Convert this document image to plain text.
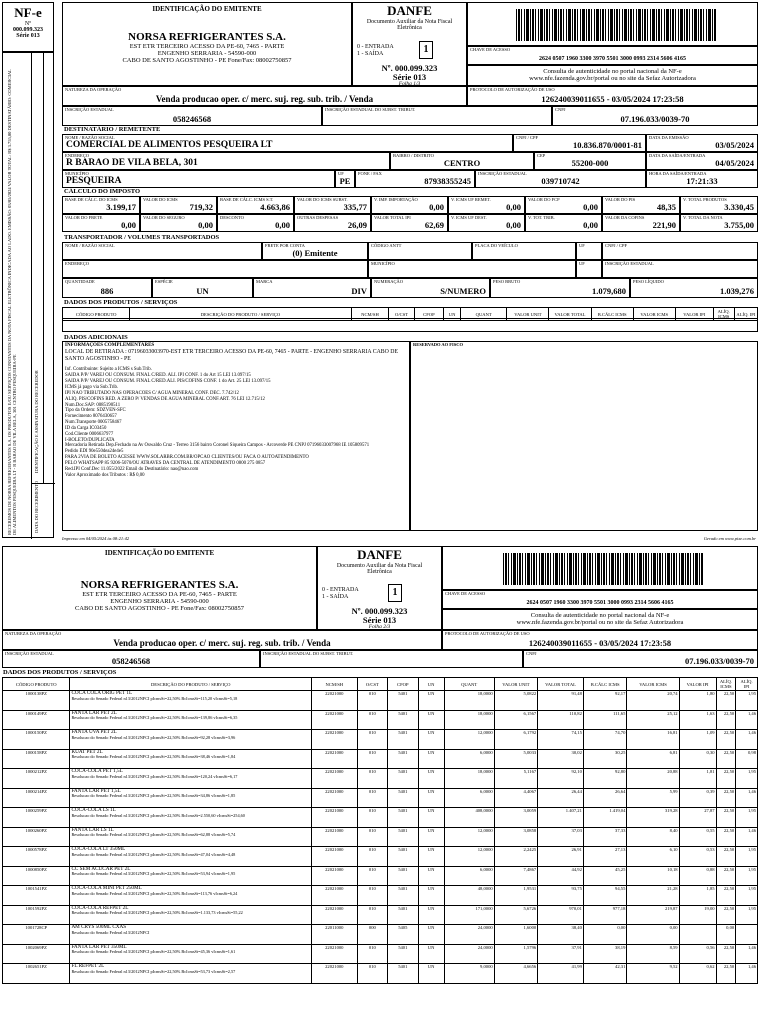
NF-e
Nº
000.099.323
Série 013
RECEBEMOS DE NORSA REFRIGERANTES S.A. OS PRODUTOS E/OU SERVIÇOS CONSTANTES DA NOTA FISCAL ELETRÔNICA INDICADA AO LADO. EMISSÃO: 03/05/2024 VALOR TOTAL: R$ 3.755,00 DESTINATÁRIO: COMERCIAL DE ALIMENTOS PESQUEIRA LT - R BARAO DE VILA BELA, 301 CENTRO PESQUEIRA-PE	DATA DO RECEBIMENTO
IDENTIFICAÇÃO E ASSINATURA DO RECEBEDOR
IDENTIFICAÇÃO DO EMITENTE
NORSA REFRIGERANTES S.A.
EST ETR TERCEIRO ACESSO DA PE-60, 7465 - PARTE
ENGENHO SERRARIA - 54590-000
CABO DE SANTO AGOSTINHO - PE Fone/Fax: 08002750857
DANFE
Documento Auxiliar da Nota Fiscal
Eletrônica
0 - ENTRADA
1 - SAÍDA	1
Nº. 000.099.323
Série 013
Folha 1/3
CHAVE DE ACESSO
2624 0507 1960 3300 3970 5501 3000 0993 2314 5606 4165
Consulta de autenticidade no portal nacional da NF-e
www.nfe.fazenda.gov.br/portal ou no site da Sefaz Autorizadora
NATUREZA DA OPERAÇÃO
Venda producao oper. c/ merc. suj. reg. sub. trib. / Venda
PROTOCOLO DE AUTORIZAÇÃO DE USO
126240039011655 - 03/05/2024 17:23:58
INSCRIÇÃO ESTADUAL
058246568
INSCRIÇÃO ESTADUAL DO SUBST. TRIBUT.	CNPJ
07.196.033/0039-70
DESTINATÁRIO / REMETENTE
NOME / RAZÃO SOCIAL
COMERCIAL DE ALIMENTOS PESQUEIRA LT
CNPJ / CPF
10.836.870/0001-81
DATA DA EMISSÃO
03/05/2024
ENDEREÇO
R BARAO DE VILA BELA, 301
BAIRRO / DISTRITO
CENTRO
CEP
55200-000
DATA DA SAÍDA/ENTRADA
04/05/2024
MUNICÍPIO
PESQUEIRA
UF
PE
FONE / FAX
87938355245
INSCRIÇÃO ESTADUAL
039710742
HORA DA SAÍDA/ENTRADA
17:21:33
CÁLCULO DO IMPOSTO
BASE DE CÁLC. DO ICMS
3.199,17
VALOR DO ICMS
719,32
BASE DE CÁLC. ICMS S.T.
4.663,86
VALOR DO ICMS SUBST.
335,77
V. IMP. IMPORTAÇÃO
0,00
V. ICMS UF REMET.
0,00
VALOR DO FCP
0,00
VALOR DO PIS
48,35
V. TOTAL PRODUTOS
3.330,45
VALOR DO FRETE
0,00
VALOR DO SEGURO
0,00
DESCONTO
0,00
OUTRAS DESPESAS
26,09
VALOR TOTAL IPI
62,69
V. ICMS UF DEST.
0,00
V. TOT. TRIB.
0,00
VALOR DA COFINS
221,90
V. TOTAL DA NOTA
3.755,00
TRANSPORTADOR / VOLUMES TRANSPORTADOS
NOME / RAZÃO SOCIAL	FRETE POR CONTA
(0) Emitente
CÓDIGO ANTT	PLACA DO VEÍCULO	UF	CNPJ / CPF
ENDEREÇO	MUNICÍPIO	UF	INSCRIÇÃO ESTADUAL
QUANTIDADE
886
ESPÉCIE
UN
MARCA
DIV
NUMERAÇÃO
S/NUMERO
PESO BRUTO
1.079,680
PESO LÍQUIDO
1.039,276
DADOS DOS PRODUTOS / SERVIÇOS
CÓDIGO PRODUTO	DESCRIÇÃO DO PRODUTO / SERVIÇO	NCM/SH	O/CST	CFOP	UN	QUANT	VALOR UNIT	VALOR TOTAL	B.CÁLC ICMS	VALOR ICMS	VALOR IPI	ALÍQ. ICMS	ALÍQ. IPI
DADOS ADICIONAIS
INFORMAÇÕES COMPLEMENTARES
LOCAL DE RETIRADA : 07196033003970-EST ETR TERCEIRO ACESSO DA PE-60, 7465 - PARTE - ENGENHO SERRARIA CABO DE SANTO AGOSTINHO - PE
Inf. Contribuinte: Sujeito a ICMS s Sub.Trib.
SAIDA P/P/ VAREJ OU CONSUM. FINAL C/RED. ALI. IPI CONF. 1 do Art 15 LEI 13.097/15
SAIDA P/P/ VAREJ OU CONSUM. FINAL C/RED.ALI. PIS/COFINS CONF. 1 do Art. 25 LEI 13.097/15
ICMS já pago via Sub.Trib.
IPI NAO TRIBUTADO NAS OPERACOES C/ AGUA MINERAL CONF. DEC. 7.742/12
ALIQ. PIS/COFINS RED. A ZERO P/ VENDAS DE AGUA MINERAL CONF.ART. 76 LEI 12.715/12
Num.Doc.SAP: 0085190511
Tipo da Ordem: SDZVEN-SFC
Fornecimento 8076430657
Num.Transporte 0005758467
ID da Carga IC03450
Cod.Cliente 0006637977
I-BOLETO/DUPLICATA
Mercadoria Retirada Dep.Fechado na Av Oswaldo Cruz - Terreo 3156 bairro Coronel Siqueira Campos - Arcoverde PE CNPJ 07196033007968 IE 105809571
Pedido EDI 90e550dea24e4e5
PARA 2VIA DE BOLETO ACESSE WWW.SOLARBR.COM.BR/OPCAO CLIENTES/OU FACA O AUTOATENDIMENTO
PELO WHATSAPP 85 9206-5070/OU ATRAVES DA CENTRAL DE ATENDIMENTO 0800 275 0857
Red.IPI Conf.Dec 11.055/2022 Email do Destinatário: nao@nao.com
Valor Aproximado dos Tributos : R$ 0,00
RESERVADO AO FISCO
Impresso em 04/05/2024 às 08:21:42	Gerado em www.pixe.com.br
IDENTIFICAÇÃO DO EMITENTE
NORSA REFRIGERANTES S.A.
EST ETR TERCEIRO ACESSO DA PE-60, 7465 - PARTE
ENGENHO SERRARIA - 54590-000
CABO DE SANTO AGOSTINHO - PE Fone/Fax: 08002750857
DANFE
Documento Auxiliar da Nota Fiscal
Eletrônica
0 - ENTRADA
1 - SAÍDA	1
Nº. 000.099.323
Série 013
Folha 2/3
CHAVE DE ACESSO
2624 0507 1960 3300 3970 5501 3000 0993 2314 5606 4165
Consulta de autenticidade no portal nacional da NF-e
www.nfe.fazenda.gov.br/portal ou no site da Sefaz Autorizadora
NATUREZA DA OPERAÇÃO
Venda producao oper. c/ merc. suj. reg. sub. trib. / Venda
PROTOCOLO DE AUTORIZAÇÃO DE USO
126240039011655 - 03/05/2024 17:23:58
INSCRIÇÃO ESTADUAL
058246568
INSCRIÇÃO ESTADUAL DO SUBST. TRIBUT.	CNPJ
07.196.033/0039-70
DADOS DOS PRODUTOS / SERVIÇOS
CÓDIGO PRODUTO	DESCRIÇÃO DO PRODUTO / SERVIÇO	NCM/SH	O/CST	CFOP	UN	QUANT	VALOR UNIT	VALOR TOTAL	B.CÁLC ICMS	VALOR ICMS	VALOR IPI	ALÍQ. ICMS	ALÍQ. IPI
1000138PZ	COCA COLA ORIG PET 1L
Resolucao do Senado Federal n13/2012NFCI pIcmsSt=22,50% BcIcmsSt=115,20 vIcmsSt=5,18	22021000	010	5401	UN	18,0000	5,0822	91,48	92,17	20,74	1,80	22,50	1,95
1000149PZ	FANTA LAR PET 2L
Resolucao do Senado Federal n13/2012NFCI pIcmsSt=22,50% BcIcmsSt=139,86 vIcmsSt=6,35	22021000	010	5401	UN	18,0000	6,1567	110,82	111,65	25,12	1,63	22,50	1,46
1000150PZ	FANTA UVA PET 2L
Resolucao do Senado Federal n13/2012NFCI pIcmsSt=22,50% BcIcmsSt=92,28 vIcmsSt=3,96	22021000	010	5401	UN	12,0000	6,1792	74,15	74,70	16,81	1,09	22,50	1,46
1000158PZ	KUAT PET 2L
Resolucao do Senado Federal n13/2012NFCI pIcmsSt=22,50% BcIcmsSt=38,46 vIcmsSt=1,84	22021000	010	5401	UN	6,0000	5,0033	30,02	30,25	6,81	0,30	22,50	0,98
1000212PZ	COCA-COLA PET 1,5L
Resolucao do Senado Federal n13/2012NFCI pIcmsSt=22,50% BcIcmsSt=120,24 vIcmsSt=6,17	22021000	010	5401	UN	18,0000	5,1167	92,10	92,80	20,88	1,81	22,50	1,95
1000214PZ	FANTA LAR PET 1,5L
Resolucao do Senado Federal n13/2012NFCI pIcmsSt=22,50% BcIcmsSt=34,86 vIcmsSt=1,85	22021000	010	5401	UN	6,0000	4,4067	26,44	26,64	5,99	0,39	22,50	1,46
1000259PZ	COCA-COLA LS 1L
Resolucao do Senado Federal n13/2012NFCI pIcmsSt=22,50% BcIcmsSt=2.550,60 vIcmsSt=254,60	22021000	010	5401	UN	408,0000	3,0059	1.407,21	1.419,04	319,28	27,87	22,50	1,95
1000260PZ	FANTA LAR LS 1L
Resolucao do Senado Federal n13/2012NFCI pIcmsSt=22,50% BcIcmsSt=62,88 vIcmsSt=5,74	22021000	010	5401	UN	12,0000	3,0858	37,03	37,33	8,40	0,55	22,50	1,46
1000578PZ	COCA-COLA LT 350ML
Resolucao do Senado Federal n13/2012NFCI pIcmsSt=22,50% BcIcmsSt=47,04 vIcmsSt=4,48	22021000	010	5401	UN	12,0000	2,2425	26,91	27,13	6,10	0,53	22,50	1,95
1000850PZ	CC SEM ACUCAR PET 2L
Resolucao do Senado Federal n13/2012NFCI pIcmsSt=22,50% BcIcmsSt=53,94 vIcmsSt=1,95	22021000	010	5401	UN	6,0000	7,4867	44,92	45,25	10,18	0,88	22,50	1,95
1001541PZ	COCA-COLA MINI PET 250ML
Resolucao do Senado Federal n13/2012NFCI pIcmsSt=22,50% BcIcmsSt=113,76 vIcmsSt=6,24	22021000	010	5401	UN	48,0000	1,9531	93,75	94,55	21,28	1,85	22,50	1,95
1001592PZ	COCA-COLA REFPET 2L
Resolucao do Senado Federal n13/2012NFCI pIcmsSt=22,50% BcIcmsSt=1.133,73 vIcmsSt=55,22	22021000	010	5401	UN	171,0000	5,6726	970,01	977,18	219,87	19,00	22,50	1,95
1001728CP	AM CRYS 500ML CXAS
Resolucao do Senado Federal n13/2012NFCI	22011000	000	5405	UN	24,0000	1,6000	38,40	0,00	0,00		0,00	
1002069PZ	FANTA LAR PET 350ML
Resolucao do Senado Federal n13/2012NFCI pIcmsSt=22,50% BcIcmsSt=45,36 vIcmsSt=1,61	22021000	010	5401	UN	24,0000	1,5796	37,91	38,19	8,59	0,56	22,50	1,46
1002651PZ	FL REFPET 2L
Resolucao do Senado Federal n13/2012NFCI pIcmsSt=22,50% BcIcmsSt=53,73 vIcmsSt=2,57	22021000	010	5401	UN	9,0000	4,6656	41,99	42,31	9,52	0,62	22,50	1,46
